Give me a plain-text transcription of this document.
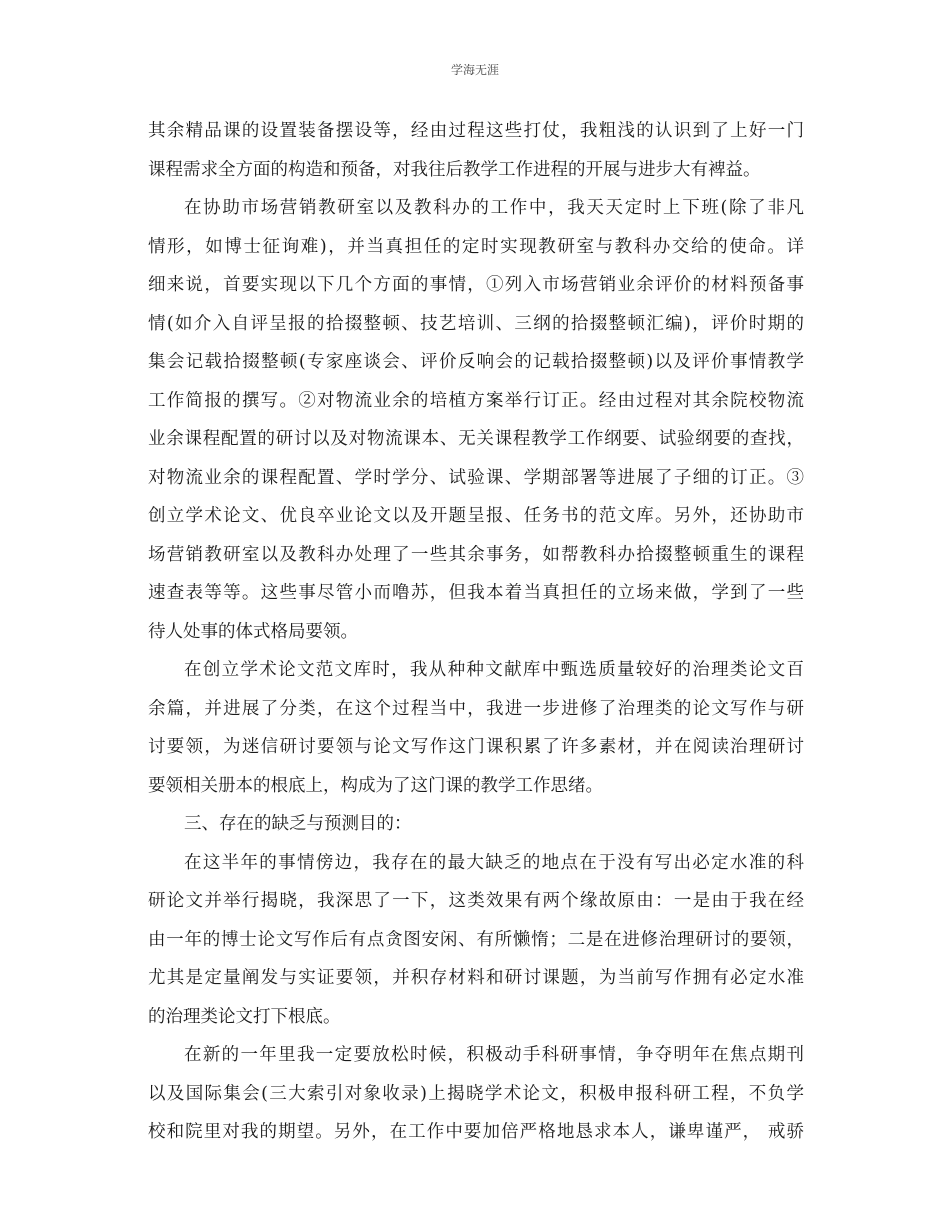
学海无涯
其余精品课的设置装备摆设等，经由过程这些打仗，我粗浅的认识到了上好一门
课程需求全方面的构造和预备，对我往后教学工作进程的开展与进步大有裨益。
在协助市场营销教研室以及教科办的工作中，我天天定时上下班(除了非凡
情形，如博士征询难)，并当真担任的定时实现教研室与教科办交给的使命。详
细来说，首要实现以下几个方面的事情，①列入市场营销业余评价的材料预备事
情(如介入自评呈报的拾掇整顿、技艺培训、三纲的拾掇整顿汇编)，评价时期的
集会记载拾掇整顿(专家座谈会、评价反响会的记载拾掇整顿)以及评价事情教学
工作简报的撰写。②对物流业余的培植方案举行订正。经由过程对其余院校物流
业余课程配置的研讨以及对物流课本、无关课程教学工作纲要、试验纲要的查找，
对物流业余的课程配置、学时学分、试验课、学期部署等进展了子细的订正。③
创立学术论文、优良卒业论文以及开题呈报、任务书的范文库。另外，还协助市
场营销教研室以及教科办处理了一些其余事务，如帮教科办拾掇整顿重生的课程
速查表等等。这些事尽管小而噜苏，但我本着当真担任的立场来做，学到了一些
待人处事的体式格局要领。
在创立学术论文范文库时，我从种种文献库中甄选质量较好的治理类论文百
余篇，并进展了分类，在这个过程当中，我进一步进修了治理类的论文写作与研
讨要领，为迷信研讨要领与论文写作这门课积累了许多素材，并在阅读治理研讨
要领相关册本的根底上，构成为了这门课的教学工作思绪。
三、存在的缺乏与预测目的：
在这半年的事情傍边，我存在的最大缺乏的地点在于没有写出必定水准的科
研论文并举行揭晓，我深思了一下，这类效果有两个缘故原由：一是由于我在经
由一年的博士论文写作后有点贪图安闲、有所懒惰；二是在进修治理研讨的要领，
尤其是定量阐发与实证要领，并积存材料和研讨课题，为当前写作拥有必定水准
的治理类论文打下根底。
在新的一年里我一定要放松时候，积极动手科研事情，争夺明年在焦点期刊
以及国际集会(三大索引对象收录)上揭晓学术论文，积极申报科研工程，不负学
校和院里对我的期望。另外，在工作中要加倍严格地恳求本人，谦卑谨严， 戒骄
